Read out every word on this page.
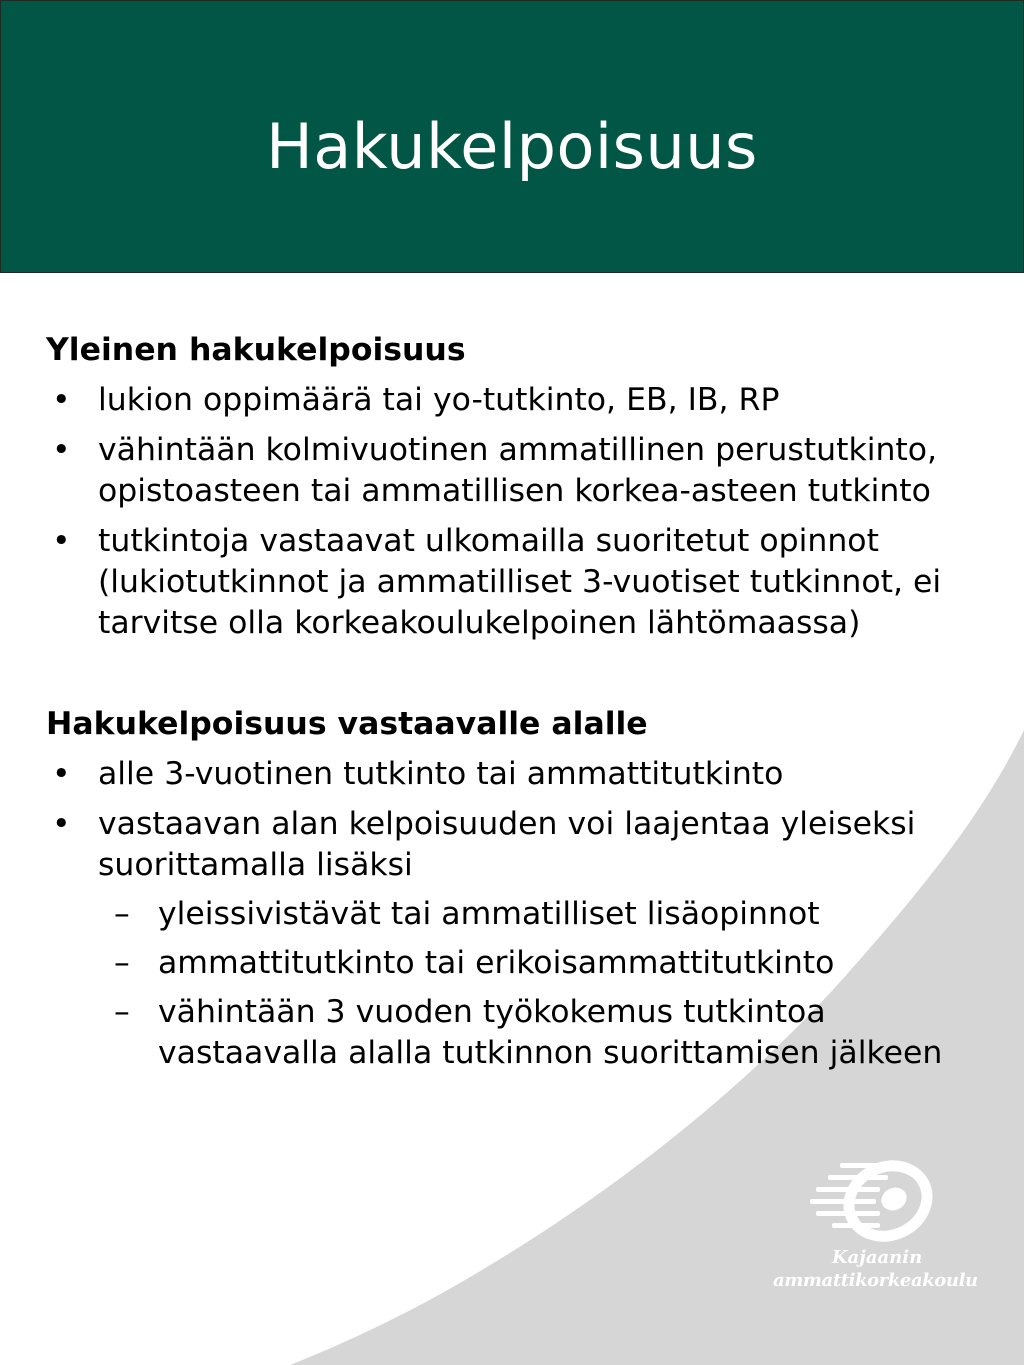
Hakukelpoisuus
Yleinen hakukelpoisuus
• lukion oppimäärä tai yo-tutkinto, EB, IB, RP
• vähintään kolmivuotinen ammatillinen perustutkinto, opistoasteen tai ammatillisen korkea-asteen tutkinto
• tutkintoja vastaavat ulkomailla suoritetut opinnot (lukiotutkinnot ja ammatilliset 3-vuotiset tutkinnot, ei tarvitse olla korkeakoulukelpoinen lähtömaassa)
Hakukelpoisuus vastaavalle alalle
• alle 3-vuotinen tutkinto tai ammattitutkinto
• vastaavan alan kelpoisuuden voi laajentaa yleiseksi suorittamalla lisäksi
– yleissivistävät tai ammatilliset lisäopinnot
– ammattitutkinto tai erikoisammattitutkinto
– vähintään 3 vuoden työkokemus tutkintoa vastaavalla alalla tutkinnon suorittamisen jälkeen
Kajaanin
ammattikorkeakoulu
